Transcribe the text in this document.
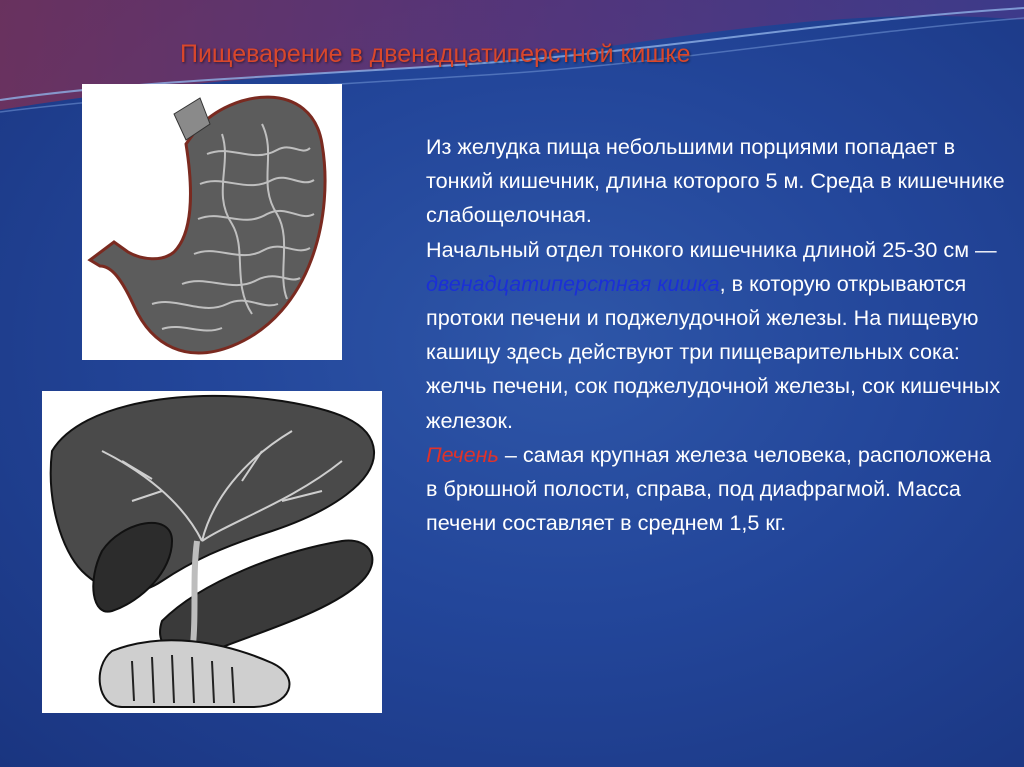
Пищеварение в двенадцатиперстной кишке

Из желудка пища небольшими порциями попадает в тонкий кишечник, длина которого 5 м. Среда в кишечнике слабощелочная.

Начальный отдел тонкого кишечника длиной 25-30 см — двенадцатиперстная кишка, в которую открываются протоки печени и поджелудочной железы. На пищевую кашицу здесь действуют три пищеварительных сока: желчь печени, сок поджелудочной железы, сок кишечных железок.

Печень – самая крупная железа человека, расположена в брюшной полости, справа, под диафрагмой. Масса печени составляет в среднем 1,5 кг.
